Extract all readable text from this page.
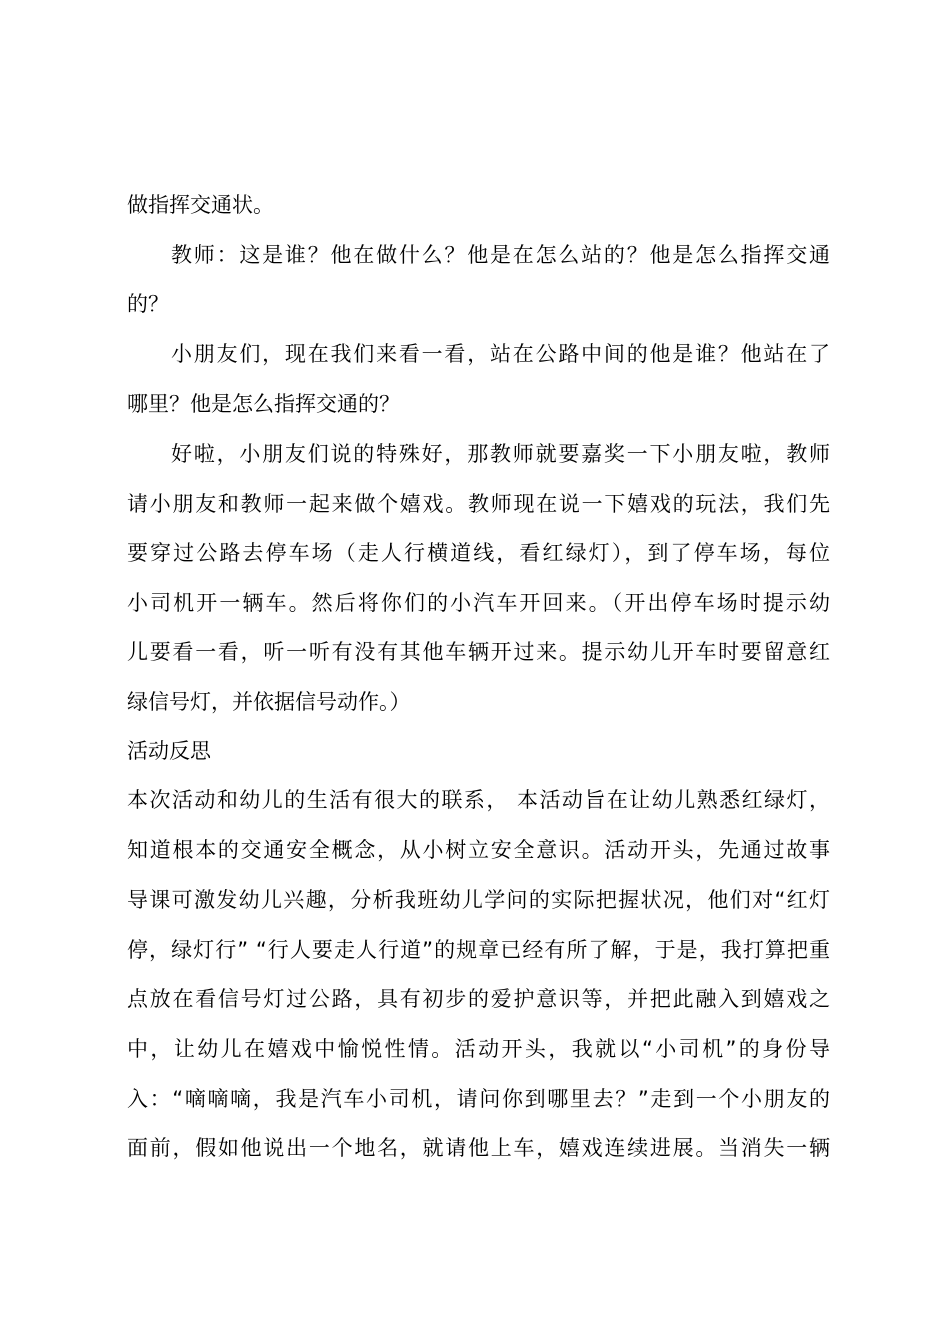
做指挥交通状。
教师：这是谁？他在做什么？他是在怎么站的？他是怎么指挥交通
的？
小朋友们，现在我们来看一看，站在公路中间的他是谁？他站在了
哪里？他是怎么指挥交通的？
好啦，小朋友们说的特殊好，那教师就要嘉奖一下小朋友啦，教师
请小朋友和教师一起来做个嬉戏。教师现在说一下嬉戏的玩法，我们先
要穿过公路去停车场（走人行横道线，看红绿灯），到了停车场，每位
小司机开一辆车。然后将你们的小汽车开回来。（开出停车场时提示幼
儿要看一看，听一听有没有其他车辆开过来。提示幼儿开车时要留意红
绿信号灯，并依据信号动作。）
活动反思
本次活动和幼儿的生活有很大的联系， 本活动旨在让幼儿熟悉红绿灯，
知道根本的交通安全概念，从小树立安全意识。活动开头，先通过故事
导课可激发幼儿兴趣，分析我班幼儿学问的实际把握状况，他们对“红灯
停，绿灯行” “行人要走人行道”的规章已经有所了解，于是，我打算把重
点放在看信号灯过公路，具有初步的爱护意识等，并把此融入到嬉戏之
中，让幼儿在嬉戏中愉悦性情。活动开头，我就以“小司机”的身份导
入：“嘀嘀嘀，我是汽车小司机，请问你到哪里去？”走到一个小朋友的
面前，假如他说出一个地名，就请他上车，嬉戏连续进展。当消失一辆
